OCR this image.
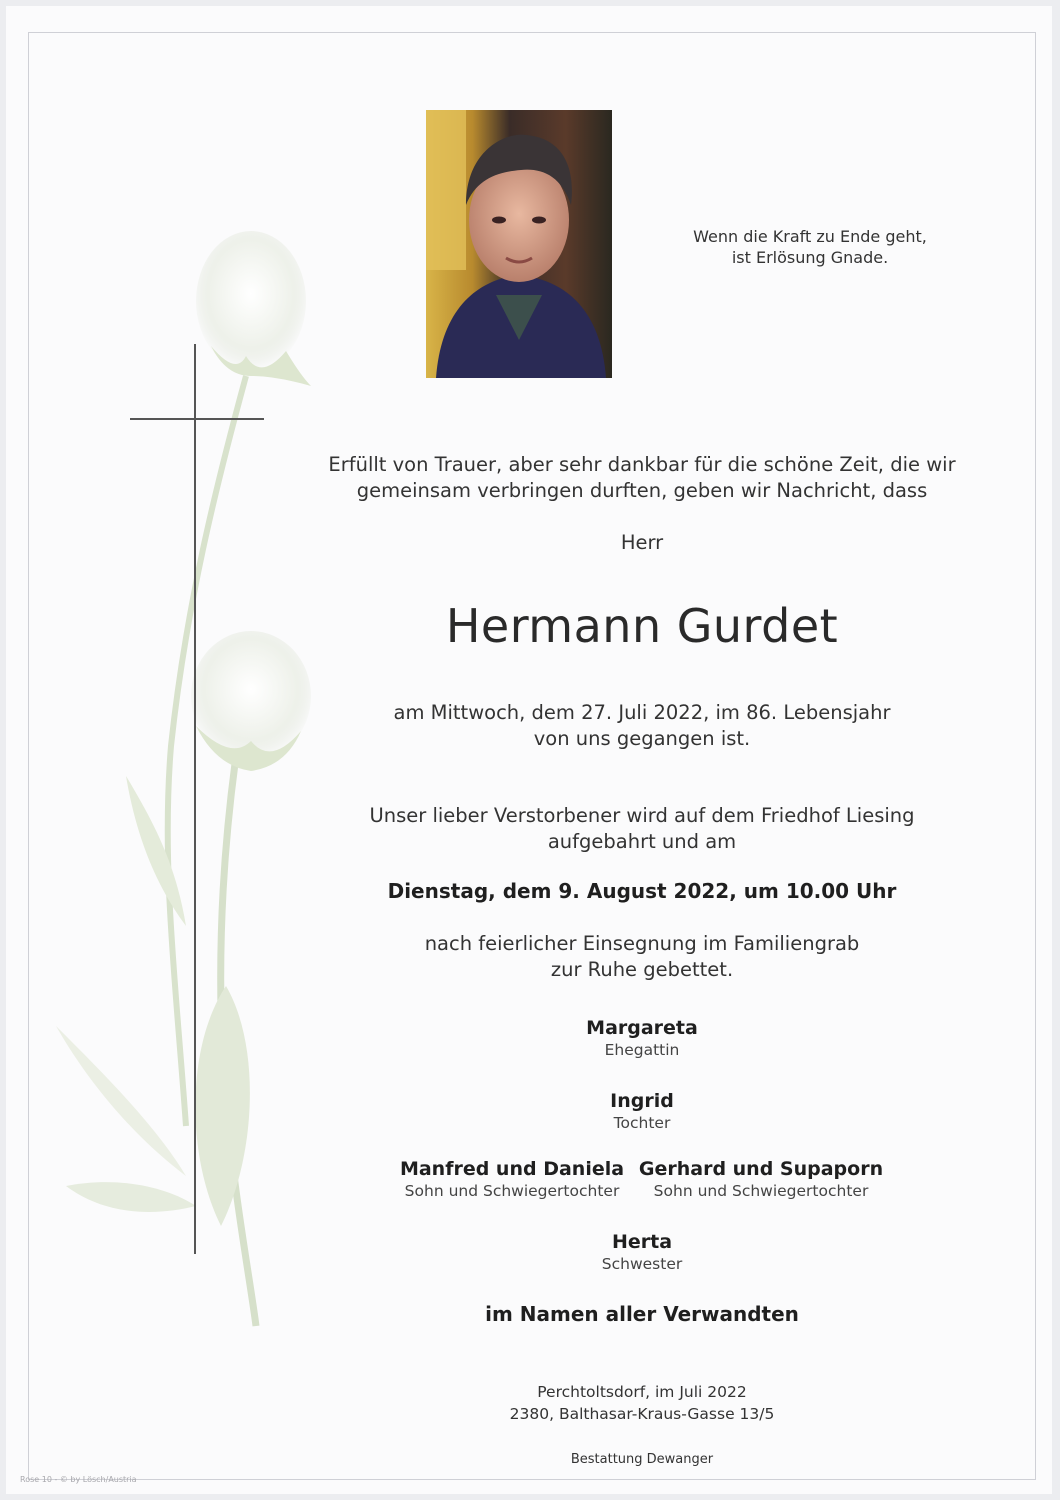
Wenn die Kraft zu Ende geht,
ist Erlösung Gnade.
Erfüllt von Trauer, aber sehr dankbar für die schöne Zeit, die wir
gemeinsam verbringen durften, geben wir Nachricht, dass
Herr
Hermann Gurdet
am Mittwoch, dem 27. Juli 2022, im 86. Lebensjahr
von uns gegangen ist.
Unser lieber Verstorbener wird auf dem Friedhof Liesing
aufgebahrt und am
Dienstag, dem 9. August 2022, um 10.00 Uhr
nach feierlicher Einsegnung im Familiengrab
zur Ruhe gebettet.
Margareta
Ehegattin
Ingrid
Tochter
Manfred und Daniela
Sohn und Schwiegertochter
Gerhard und Supaporn
Sohn und Schwiegertochter
Herta
Schwester
im Namen aller Verwandten
Perchtoltsdorf, im Juli 2022
2380, Balthasar-Kraus-Gasse 13/5
Bestattung Dewanger
Rose 10 - © by Lösch/Austria
